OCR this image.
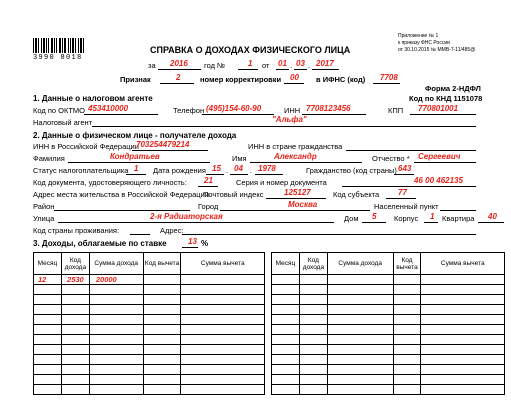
3990 8018
Приложение № 1
к приказу ФНС России
от 30.10.2015 № ММВ-7-11/485@
СПРАВКА О ДОХОДАХ ФИЗИЧЕСКОГО ЛИЦА
за 2016 год №	1 от 01 . 03 . 2017
Признак	2	номер корректировки 00 в ИФНС (код) 7708
Форма 2-НДФЛ
Код по КНД 1151078
1. Данные о налоговом агенте
Код по ОКТМО 453410000	Телефон (495)154-60-90	ИНН 7708123456	КПП 770801001
Налоговый агент	"Альфа"
2. Данные о физическом лице - получателе дохода
ИНН в Российской Федерации
703254479214	ИНН в стране гражданства
Фамилия	Кондратьев	Имя	Александр	Отчество * Сергеевич
Статус налогоплательщика 1 Дата рождения 15 . 04 . 1978	Гражданство (код страны) 643
Код документа, удостоверяющего личность: 21	Серия и номер документа	46 00 462135
Адрес места жительства в Российской Федерации
Почтовый индекс	125127	Код субъекта 77
Район	Город	Москва	Населенный пункт
Улица	2-я Радиаторская	Дом 5 Корпус 1 Квартира 40
Код страны проживания:	Адрес:
3. Доходы, облагаемые по ставке	13 %
Месяц	Код дохода	Сумма дохода	Код вычета	Сумма вычета
12	2530	20000		

Месяц	Код дохода	Сумма дохода	Код вычета	Сумма вычета
